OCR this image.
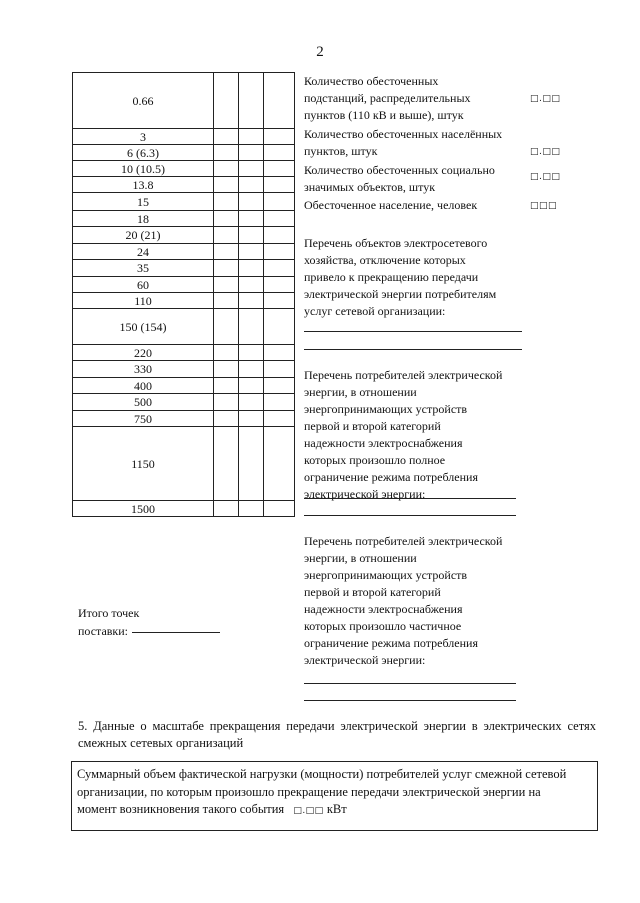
2
0.66			
3			
6 (6.3)			
10 (10.5)			
13.8			
15			
18			
20 (21)			
24			
35			
60			
110			
150 (154)			
220			
330			
400			
500			
750			
1150			
1500			
Количество обесточенных
подстанций, распределительных
пунктов (110 кВ и выше), штук
□.□□
Количество обесточенных населённых
пунктов, штук	□.□□
Количество обесточенных социально
значимых объектов, штук
□.□□
Обесточенное население, человек	□□□
Перечень объектов электросетевого
хозяйства, отключение которых
привело к прекращению передачи
электрической энергии потребителям
услуг сетевой организации:
Перечень потребителей электрической
энергии, в отношении
энергопринимающих устройств
первой и второй категорий
надежности электроснабжения
которых произошло полное
ограничение режима потребления
электрической энергии:
Перечень потребителей электрической
энергии, в отношении
энергопринимающих устройств
первой и второй категорий
надежности электроснабжения
которых произошло частичное
ограничение режима потребления
электрической энергии:
Итого точек
поставки:
5. Данные о масштабе прекращения передачи электрической энергии в электрических сетях смежных сетевых организаций
Суммарный объем фактической нагрузки (мощности) потребителей услуг смежной сетевой
организации, по которым произошло прекращение передачи электрической энергии на
момент возникновения такого события □.□□ кВт
